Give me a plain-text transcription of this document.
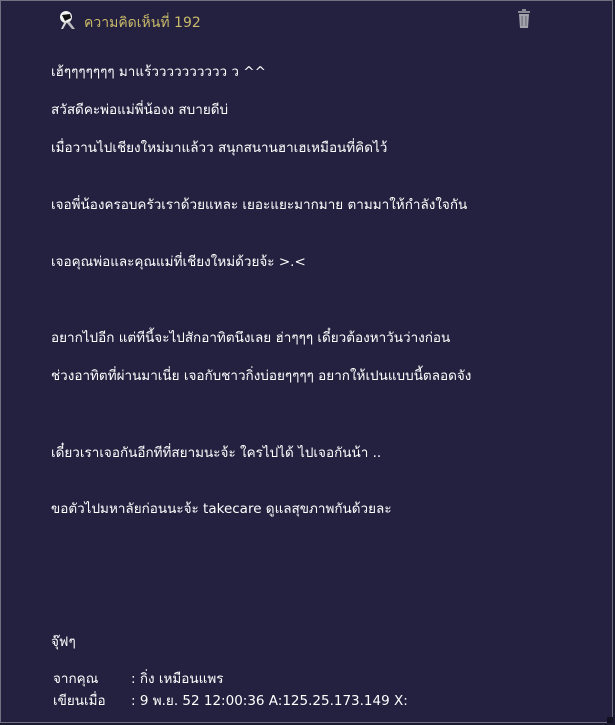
ความคิดเห็นที่ 192
เฮ้ๆๆๆๆๆๆๆ มาแร้วววววววววว ว ^^
สวัสดีคะพ่อแม่พี่น้องง สบายดีบ่
เมื่อวานไปเชียงใหม่มาแล้วว สนุกสนานฮาเฮเหมือนที่คิดไว้
เจอพี่น้องครอบครัวเราด้วยแหละ เยอะแยะมากมาย ตามมาให้กำลังใจกัน
เจอคุณพ่อและคุณแม่ที่เชียงใหม่ด้วยจ้ะ >.<
อยากไปอีก แต่ทีนี้จะไปสักอาทิตนึงเลย ฮ่าๆๆๆ เดี๋ยวต้องหาวันว่างก่อน
ช่วงอาทิตที่ผ่านมาเนี่ย เจอกับชาวกิ่งบ่อยๆๆๆๆ อยากให้เปนแบบนี้ตลอดจัง
เดี๋ยวเราเจอกันอีกทีที่สยามนะจ้ะ ใครไปได้ ไปเจอกันน้า ..
ขอตัวไปมหาลัยก่อนนะจ้ะ takecare ดูแลสุขภาพกันด้วยละ
จุ๊ฟๆ
จากคุณ : กิ่ง เหมือนแพร
เขียนเมื่อ : 9 พ.ย. 52 12:00:36 A:125.25.173.149 X:
